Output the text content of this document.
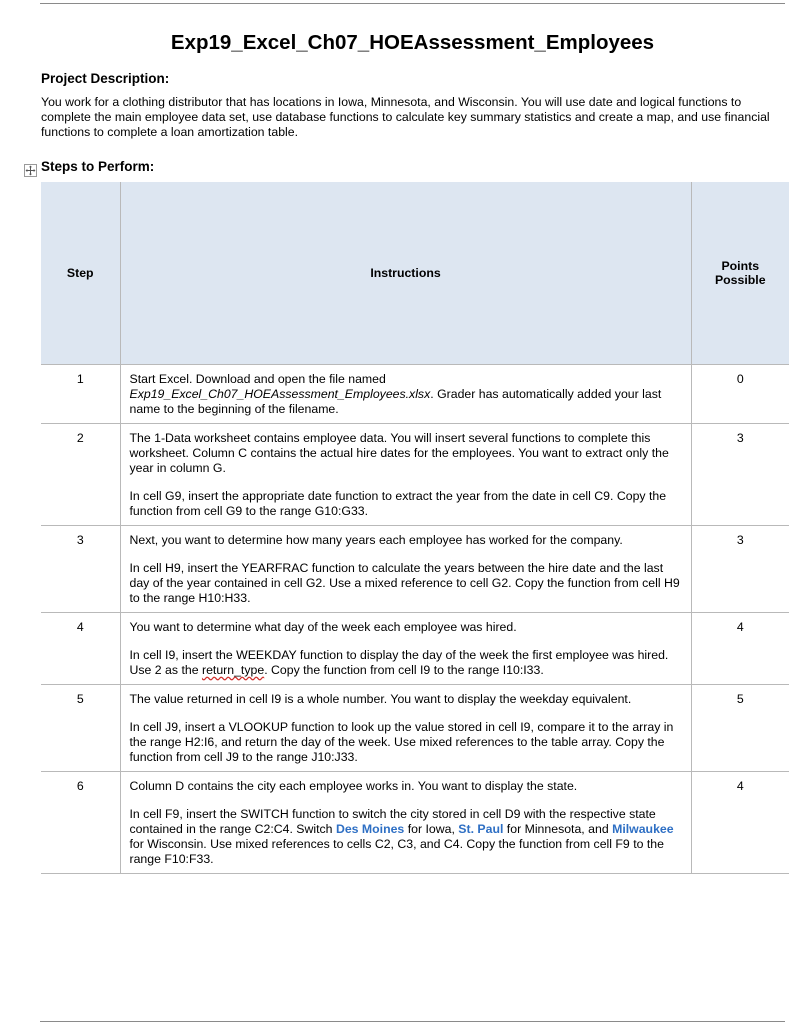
Exp19_Excel_Ch07_HOEAssessment_Employees
Project Description:
You work for a clothing distributor that has locations in Iowa, Minnesota, and Wisconsin. You will use date and logical functions to complete the main employee data set, use database functions to calculate key summary statistics and create a map, and use financial functions to complete a loan amortization table.
Steps to Perform:
Step	Instructions	Points Possible
1	Start Excel. Download and open the file named Exp19_Excel_Ch07_HOEAssessment_Employees.xlsx. Grader has automatically added your last name to the beginning of the filename.	0
2	The 1-Data worksheet contains employee data. You will insert several functions to complete this worksheet. Column C contains the actual hire dates for the employees. You want to extract only the year in column G.

In cell G9, insert the appropriate date function to extract the year from the date in cell C9. Copy the function from cell G9 to the range G10:G33.	3
3	Next, you want to determine how many years each employee has worked for the company.

In cell H9, insert the YEARFRAC function to calculate the years between the hire date and the last day of the year contained in cell G2. Use a mixed reference to cell G2. Copy the function from cell H9 to the range H10:H33.	3
4	You want to determine what day of the week each employee was hired.

In cell I9, insert the WEEKDAY function to display the day of the week the first employee was hired. Use 2 as the return_type. Copy the function from cell I9 to the range I10:I33.	4
5	The value returned in cell I9 is a whole number. You want to display the weekday equivalent.

In cell J9, insert a VLOOKUP function to look up the value stored in cell I9, compare it to the array in the range H2:I6, and return the day of the week. Use mixed references to the table array. Copy the function from cell J9 to the range J10:J33.	5
6	Column D contains the city each employee works in. You want to display the state.

In cell F9, insert the SWITCH function to switch the city stored in cell D9 with the respective state contained in the range C2:C4. Switch Des Moines for Iowa, St. Paul for Minnesota, and Milwaukee for Wisconsin. Use mixed references to cells C2, C3, and C4. Copy the function from cell F9 to the range F10:F33.	4
